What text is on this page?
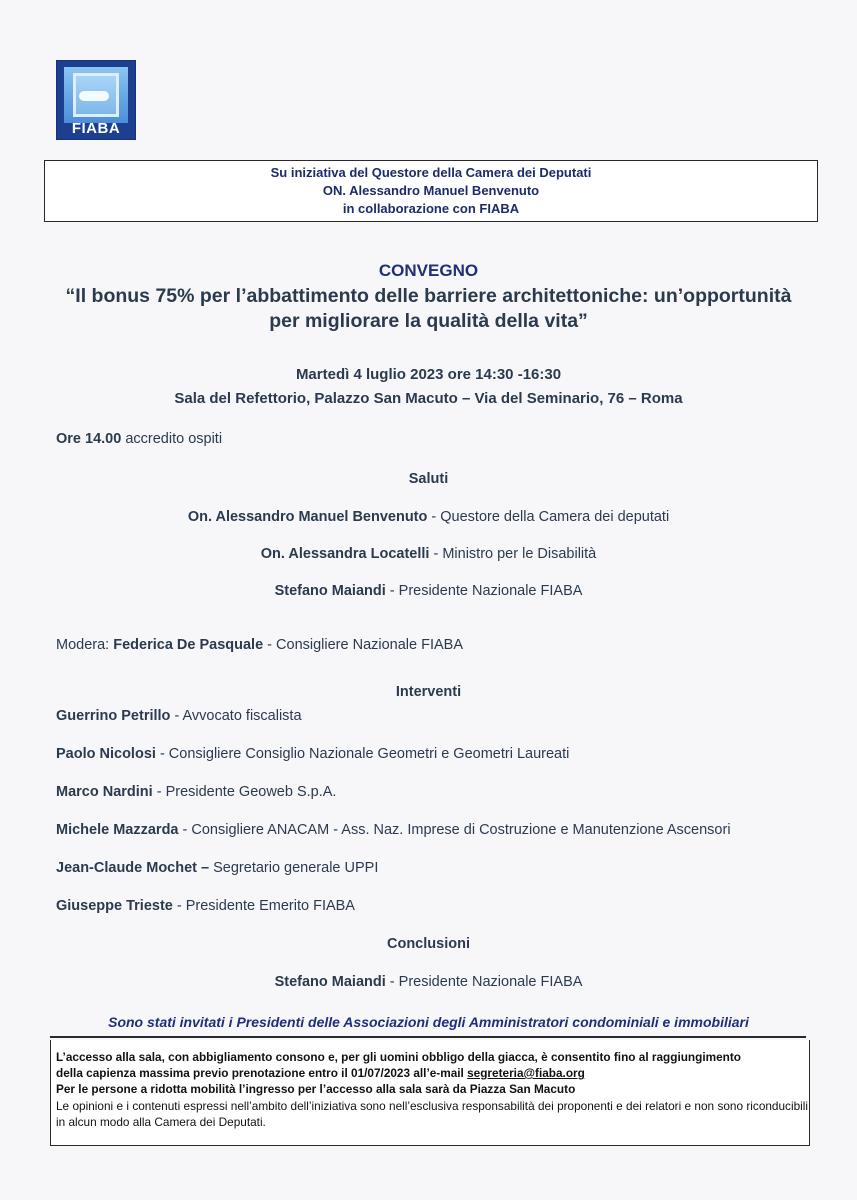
FIABA
Su iniziativa del Questore della Camera dei Deputati
ON. Alessandro Manuel Benvenuto
in collaborazione con FIABA
CONVEGNO
“Il bonus 75% per l’abbattimento delle barriere architettoniche: un’opportunità
per migliorare la qualità della vita”
Martedì 4 luglio 2023 ore 14:30 -16:30
Sala del Refettorio, Palazzo San Macuto – Via del Seminario, 76 – Roma
Ore 14.00 accredito ospiti
Saluti
On. Alessandro Manuel Benvenuto - Questore della Camera dei deputati
On. Alessandra Locatelli - Ministro per le Disabilità
Stefano Maiandi - Presidente Nazionale FIABA
Modera: Federica De Pasquale - Consigliere Nazionale FIABA
Interventi
Guerrino Petrillo - Avvocato fiscalista
Paolo Nicolosi - Consigliere Consiglio Nazionale Geometri e Geometri Laureati
Marco Nardini - Presidente Geoweb S.p.A.
Michele Mazzarda - Consigliere ANACAM - Ass. Naz. Imprese di Costruzione e Manutenzione Ascensori
Jean-Claude Mochet – Segretario generale UPPI
Giuseppe Trieste - Presidente Emerito FIABA
Conclusioni
Stefano Maiandi - Presidente Nazionale FIABA
Sono stati invitati i Presidenti delle Associazioni degli Amministratori condominiali e immobiliari
L’accesso alla sala, con abbigliamento consono e, per gli uomini obbligo della giacca, è consentito fino al raggiungimento
della capienza massima previo prenotazione entro il 01/07/2023 all’e-mail segreteria@fiaba.org
Per le persone a ridotta mobilità l’ingresso per l’accesso alla sala sarà da Piazza San Macuto
Le opinioni e i contenuti espressi nell’ambito dell’iniziativa sono nell’esclusiva responsabilità dei proponenti e dei relatori e non sono riconducibili in alcun modo alla Camera dei Deputati.
